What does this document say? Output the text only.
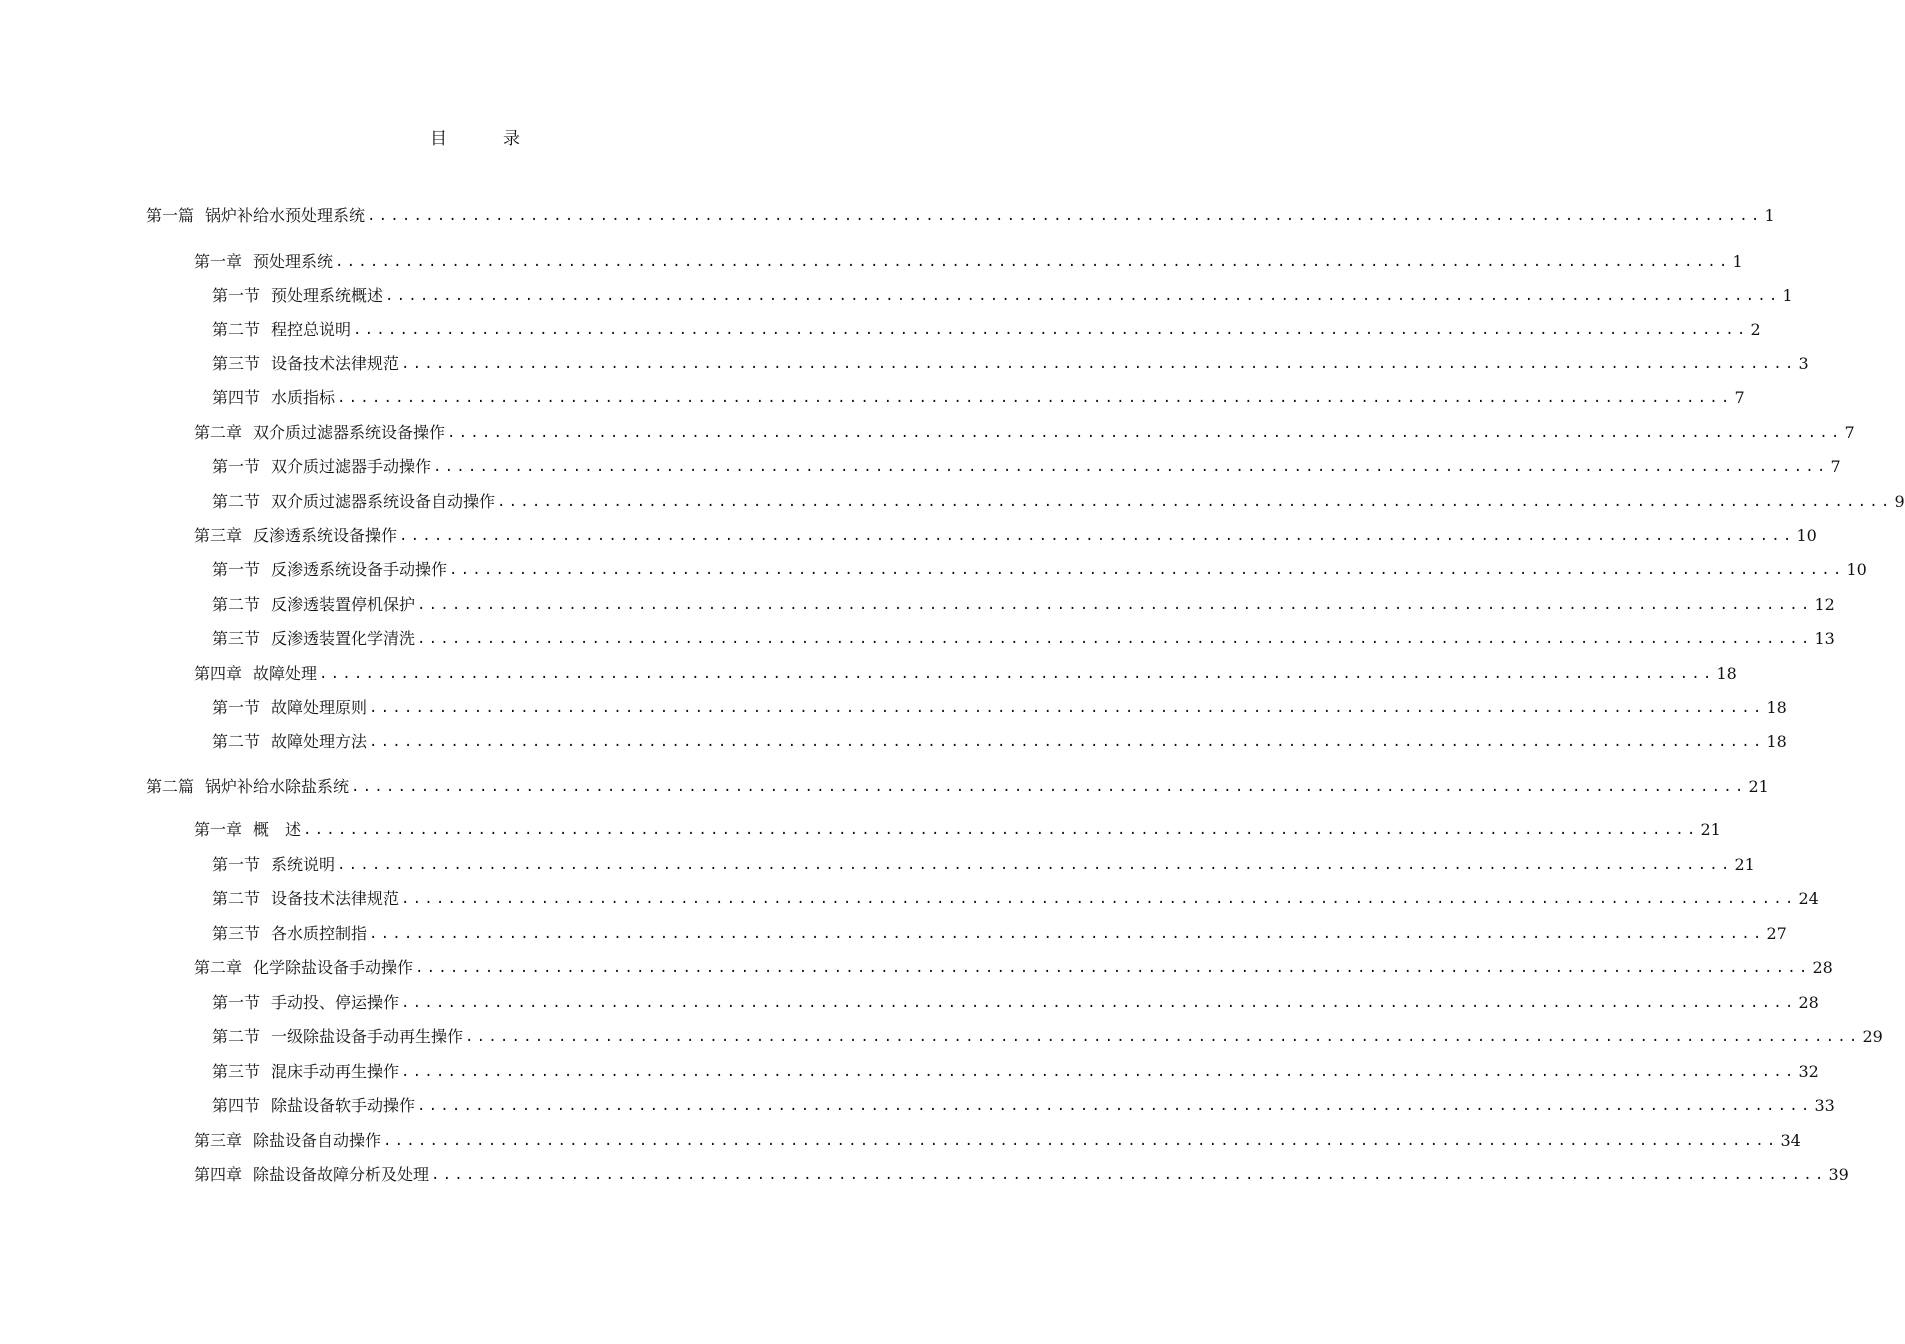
目	录
第一篇 锅炉补给水预处理系统 ........................................................................................................................ 1
第一章 预处理系统 ........................................................................................................................ 1
第一节 预处理系统概述 ........................................................................................................................ 1
第二节 程控总说明 ........................................................................................................................ 2
第三节 设备技术法律规范 ........................................................................................................................ 3
第四节 水质指标 ........................................................................................................................ 7
第二章 双介质过滤器系统设备操作 ........................................................................................................................ 7
第一节 双介质过滤器手动操作 ........................................................................................................................ 7
第二节 双介质过滤器系统设备自动操作 ........................................................................................................................ 9
第三章 反渗透系统设备操作 ........................................................................................................................ 10
第一节 反渗透系统设备手动操作 ........................................................................................................................ 10
第二节 反渗透装置停机保护 ........................................................................................................................ 12
第三节 反渗透装置化学清洗 ........................................................................................................................ 13
第四章 故障处理 ........................................................................................................................ 18
第一节 故障处理原则 ........................................................................................................................ 18
第二节 故障处理方法 ........................................................................................................................ 18
第二篇 锅炉补给水除盐系统 ........................................................................................................................ 21
第一章 概　述 ........................................................................................................................ 21
第一节 系统说明 ........................................................................................................................ 21
第二节 设备技术法律规范 ........................................................................................................................ 24
第三节 各水质控制指 ........................................................................................................................ 27
第二章 化学除盐设备手动操作 ........................................................................................................................ 28
第一节 手动投、停运操作 ........................................................................................................................ 28
第二节 一级除盐设备手动再生操作 ........................................................................................................................ 29
第三节 混床手动再生操作 ........................................................................................................................ 32
第四节 除盐设备软手动操作 ........................................................................................................................ 33
第三章 除盐设备自动操作 ........................................................................................................................ 34
第四章 除盐设备故障分析及处理 ........................................................................................................................ 39
